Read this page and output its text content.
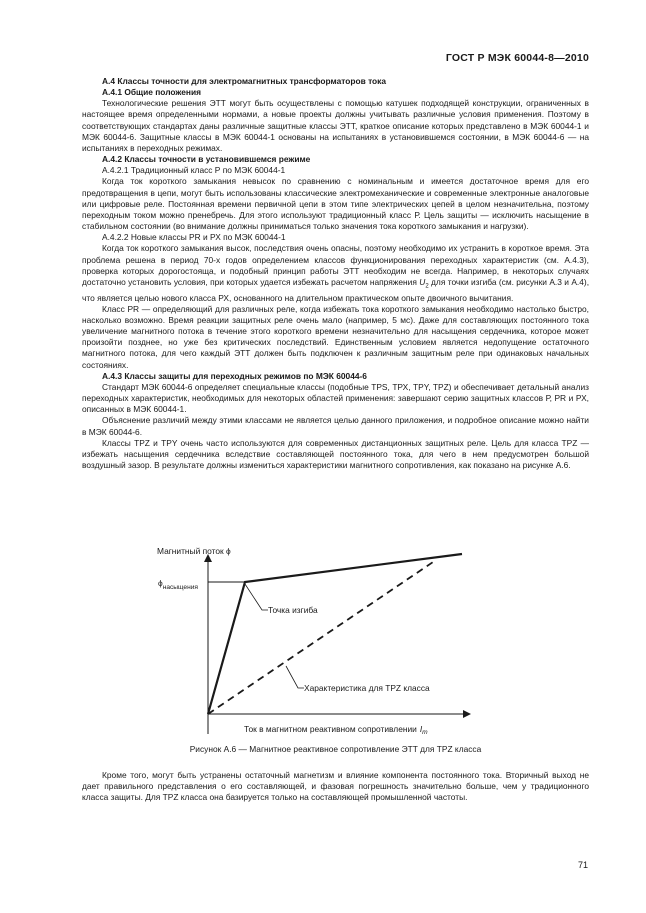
ГОСТ Р МЭК 60044-8—2010

А.4 Классы точности для электромагнитных трансформаторов тока

А.4.1 Общие положения

Технологические решения ЭТТ могут быть осуществлены с помощью катушек подходящей конструкции, ограниченных в настоящее время определенными нормами, а новые проекты должны учитывать различные условия применения. Поэтому в соответствующих стандартах даны различные защитные классы ЭТТ, краткое описание которых представлено в МЭК 60044-1 и МЭК 60044-6. Защитные классы в МЭК 60044-1 основаны на испытаниях в установившемся состоянии, в МЭК 60044-6 — на испытаниях в переходных режимах.

А.4.2 Классы точности в установившемся режиме

А.4.2.1 Традиционный класс Р по МЭК 60044-1

Когда ток короткого замыкания невысок по сравнению с номинальным и имеется достаточное время для его предотвращения в цепи, могут быть использованы классические электромеханические и современные электронные аналоговые или цифровые реле. Постоянная времени первичной цепи в этом типе электрических цепей в целом незначительна, поэтому переходным током можно пренебречь. Для этого используют традиционный класс Р. Цель защиты — исключить насыщение в стабильном состоянии (во внимание должны приниматься только значения тока короткого замыкания и нагрузки).

А.4.2.2 Новые классы PR и РХ по МЭК 60044-1

Когда ток короткого замыкания высок, последствия очень опасны, поэтому необходимо их устранить в короткое время. Эта проблема решена в период 70-х годов определением классов функционирования переходных характеристик (см. А.4.3), проверка которых дорогостояща, и подобный принцип работы ЭТТ необходим не всегда. Например, в некоторых случаях достаточно установить условия, при которых удается избежать расчетом напряжения $U_2$ для точки изгиба (см. рисунки А.3 и А.4), что является целью нового класса РХ, основанного на длительном практическом опыте двоичного вычитания.

Класс PR — определяющий для различных реле, когда избежать тока короткого замыкания необходимо настолько быстро, насколько возможно. Время реакции защитных реле очень мало (например, 5 мс). Даже для составляющих постоянного тока увеличение магнитного потока в течение этого короткого времени незначительно для насыщения сердечника, которое может произойти позднее, но уже без критических последствий. Единственным условием является недопущение остаточного магнитного потока, для чего каждый ЭТТ должен быть подключен к различным защитным реле при одинаковых начальных состояниях.

А.4.3 Классы защиты для переходных режимов по МЭК 60044-6

Стандарт МЭК 60044-6 определяет специальные классы (подобные TPS, ТРХ, TPY, TPZ) и обеспечивает детальный анализ переходных характеристик, необходимых для некоторых областей применения: завершают серию защитных классов Р, PR и РХ, описанных в МЭК 60044-1.

Объяснение различий между этими классами не является целью данного приложения, и подробное описание можно найти в МЭК 60044-6.

Классы TPZ и TPY очень часто используются для современных дистанционных защитных реле. Цель для класса TPZ — избежать насыщения сердечника вследствие составляющей постоянного тока, для чего в нем предусмотрен большой воздушный зазор. В результате должны измениться характеристики магнитного сопротивления, как показано на рисунке А.6.

Магнитный поток ϕ
$\phi_{насыщения}$
Точка изгиба
Характеристика для TPZ класса
Ток в магнитном реактивном сопротивлении $I_m$
Рисунок А.6 — Магнитное реактивное сопротивление ЭТТ для TPZ класса

Кроме того, могут быть устранены остаточный магнетизм и влияние компонента постоянного тока. Вторичный выход не дает правильного представления о его составляющей, и фазовая погрешность значительно больше, чем у традиционного класса защиты. Для TPZ класса она базируется только на составляющей промышленной частоты.

71
